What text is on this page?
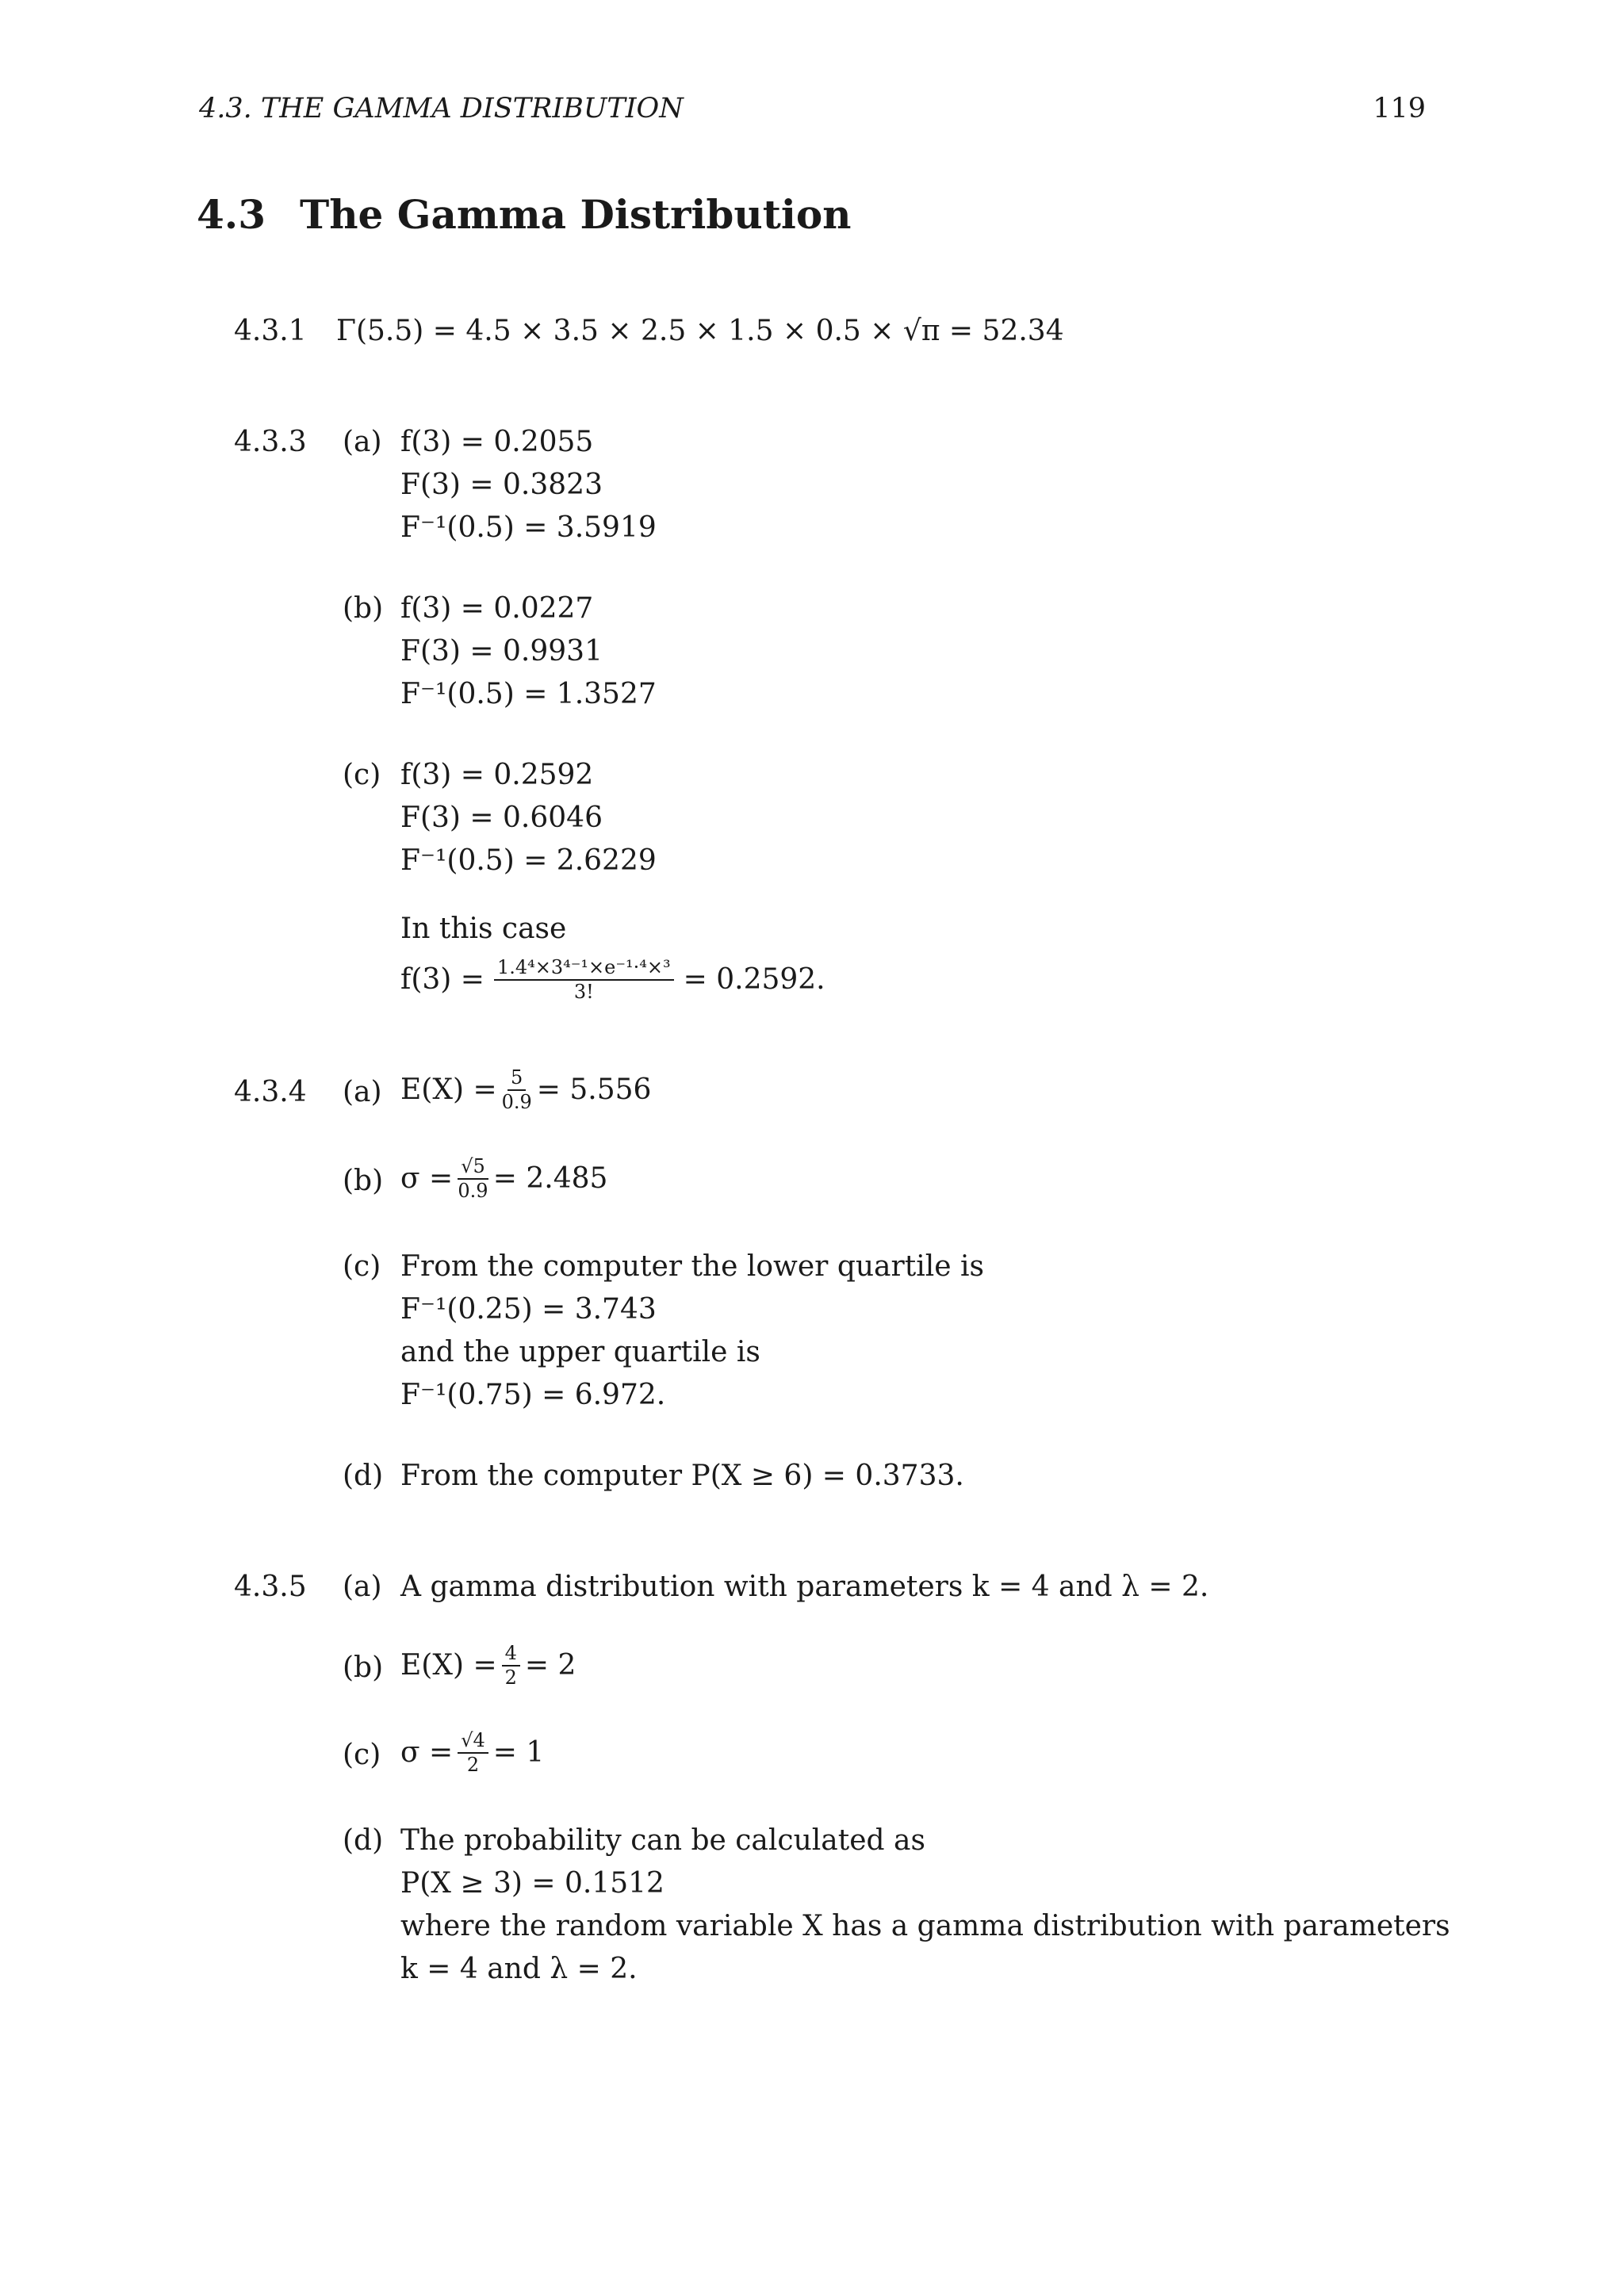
4.3. THE GAMMA DISTRIBUTION	119
4.3 The Gamma Distribution
4.3.1 Γ(5.5) = 4.5 × 3.5 × 2.5 × 1.5 × 0.5 × √π = 52.34
4.3.3 (a) f(3) = 0.2055
F(3) = 0.3823
F⁻¹(0.5) = 3.5919
(b) f(3) = 0.0227
F(3) = 0.9931
F⁻¹(0.5) = 1.3527
(c) f(3) = 0.2592
F(3) = 0.6046
F⁻¹(0.5) = 2.6229
In this case
$f(3) = \frac{\text{1.4⁴×3⁴⁻¹×e⁻¹·⁴×³}}{3!} = 0.2592$.
4.3.4 (a) $E(X) = \frac{5}{0.9} = 5.556$
(b) $\sigma = \frac{√5}{0.9} = 2.485$
(c) From the computer the lower quartile is
F⁻¹(0.25) = 3.743
and the upper quartile is
F⁻¹(0.75) = 6.972.
(d) From the computer P(X ≥ 6) = 0.3733.
4.3.5 (a) A gamma distribution with parameters k = 4 and λ = 2.
(b) $E(X) = \frac{4}{2} = 2$
(c) $\sigma = \frac{√4}{2} = 1$
(d) The probability can be calculated as
P(X ≥ 3) = 0.1512
where the random variable X has a gamma distribution with parameters
k = 4 and λ = 2.
